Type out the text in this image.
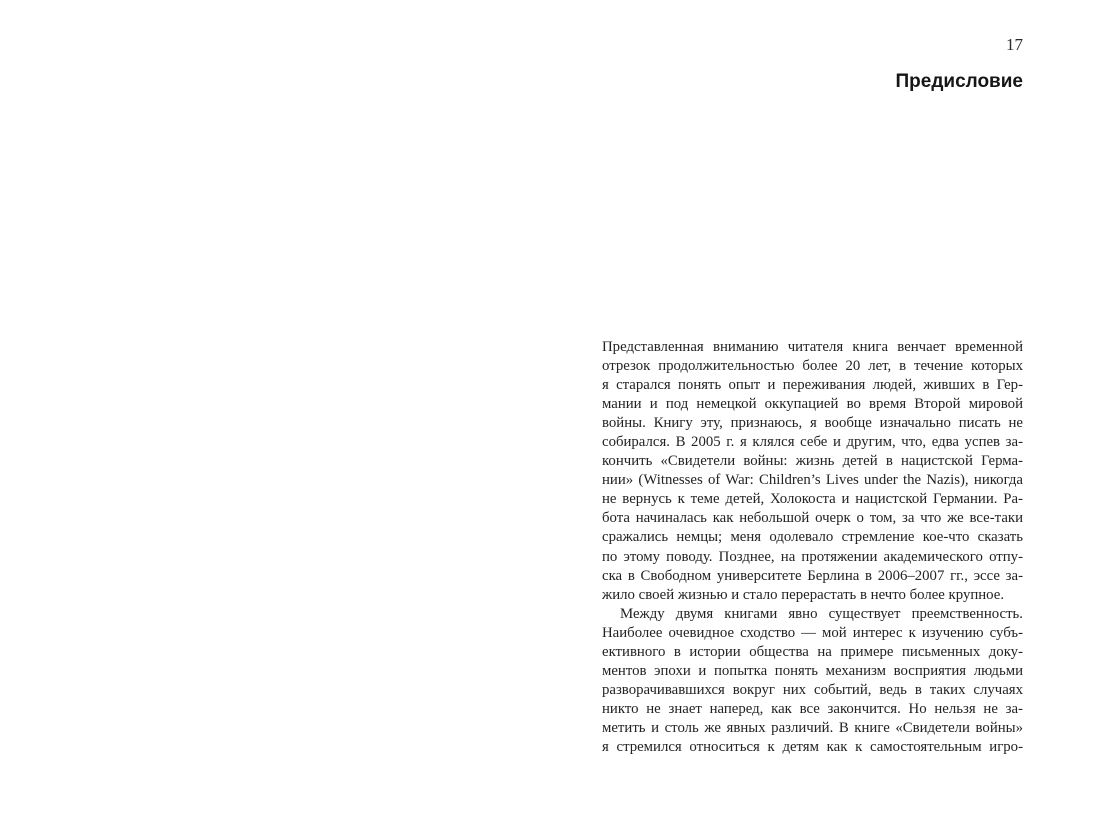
17
Предисловие
Представленная вниманию читателя книга венчает временной
отрезок продолжительностью более 20 лет, в течение которых
я старался понять опыт и переживания людей, живших в Гер-
мании и под немецкой оккупацией во время Второй мировой
войны. Книгу эту, признаюсь, я вообще изначально писать не
собирался. В 2005 г. я клялся себе и другим, что, едва успев за-
кончить «Свидетели войны: жизнь детей в нацистской Герма-
нии» (Witnesses of War: Children’s Lives under the Nazis), никогда
не вернусь к теме детей, Холокоста и нацистской Германии. Ра-
бота начиналась как небольшой очерк о том, за что же все-таки
сражались немцы; меня одолевало стремление кое-что сказать
по этому поводу. Позднее, на протяжении академического отпу-
ска в Свободном университете Берлина в 2006–2007 гг., эссе за-
жило своей жизнью и стало перерастать в нечто более крупное.
Между двумя книгами явно существует преемственность.
Наиболее очевидное сходство — мой интерес к изучению субъ-
ективного в истории общества на примере письменных доку-
ментов эпохи и попытка понять механизм восприятия людьми
разворачивавшихся вокруг них событий, ведь в таких случаях
никто не знает наперед, как все закончится. Но нельзя не за-
метить и столь же явных различий. В книге «Свидетели войны»
я стремился относиться к детям как к самостоятельным игро-
